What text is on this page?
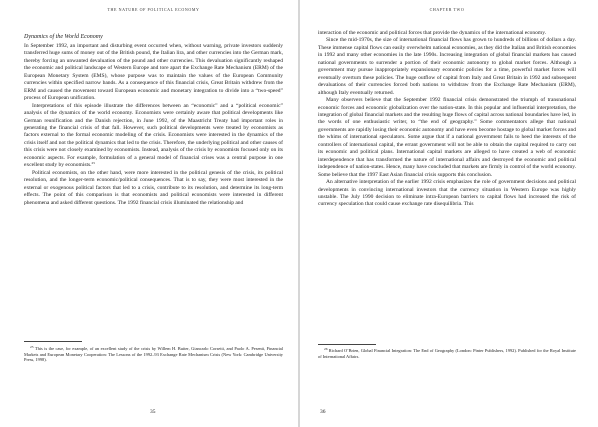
THE NATURE OF POLITICAL ECONOMY
Dynamics of the World Economy

In September 1992, an important and disturbing event occurred when, without warning, private investors suddenly transferred huge sums of money out of the British pound, the Italian lira, and other currencies into the German mark, thereby forcing an unwanted devaluation of the pound and other currencies. This devaluation significantly reshaped the economic and political landscape of Western Europe and tore apart the Exchange Rate Mechanism (ERM) of the European Monetary System (EMS), whose purpose was to maintain the values of the European Community currencies within specified narrow bands. As a consequence of this financial crisis, Great Britain withdrew from the ERM and caused the movement toward European economic and monetary integration to divide into a “two-speed” process of European unification.

Interpretations of this episode illustrate the differences between an “economic” and a “political economic” analysis of the dynamics of the world economy. Economists were certainly aware that political developments like German reunification and the Danish rejection, in June 1992, of the Maastricht Treaty had important roles in generating the financial crisis of that fall. However, such political developments were treated by economists as factors external to the formal economic modeling of the crisis. Economists were interested in the dynamics of the crisis itself and not the political dynamics that led to the crisis. Therefore, the underlying political and other causes of this crisis were not closely examined by economists. Instead, analysis of the crisis by economists focused only on its economic aspects. For example, formulation of a general model of financial crises was a central purpose in one excellent study by economists.$^{25}$

Political economists, on the other hand, were more interested in the political genesis of the crisis, its political resolution, and the longer-term economic/political consequences. That is to say, they were most interested in the external or exogenous political factors that led to a crisis, contribute to its resolution, and determine its long-term effects. The point of this comparison is that economists and political economists were interested in different phenomena and asked different questions. The 1992 financial crisis illuminated the relationship and

$^{25}$ This is the case, for example, of an excellent study of the crisis by Willem H. Buiter, Giancarlo Corsetti, and Paolo A. Pesenti, Financial Markets and European Monetary Cooperation: The Lessons of the 1992–93 Exchange Rate Mechanism Crisis (New York: Cambridge University Press, 1998).
35
CHAPTER TWO

interaction of the economic and political forces that provide the dynamics of the international economy.

Since the mid-1970s, the size of international financial flows has grown to hundreds of billions of dollars a day. These immense capital flows can easily overwhelm national economies, as they did the Italian and British economies in 1992 and many other economies in the late 1990s. Increasing integration of global financial markets has caused national governments to surrender a portion of their economic autonomy to global market forces. Although a government may pursue inappropriately expansionary economic policies for a time, powerful market forces will eventually overturn these policies. The huge outflow of capital from Italy and Great Britain in 1992 and subsequent devaluations of their currencies forced both nations to withdraw from the Exchange Rate Mechanism (ERM), although Italy eventually returned.

Many observers believe that the September 1992 financial crisis demonstrated the triumph of transnational economic forces and economic globalization over the nation-state. In this popular and influential interpretation, the integration of global financial markets and the resulting huge flows of capital across national boundaries have led, in the words of one enthusiastic writer, to “the end of geography.” Some commentators allege that national governments are rapidly losing their economic autonomy and have even become hostage to global market forces and the whims of international speculators. Some argue that if a national government fails to heed the interests of the controllers of international capital, the errant government will not be able to obtain the capital required to carry out its economic and political plans. International capital markets are alleged to have created a web of economic interdependence that has transformed the nature of international affairs and destroyed the economic and political independence of nation-states. Hence, many have concluded that markets are firmly in control of the world economy. Some believe that the 1997 East Asian financial crisis supports this conclusion.

An alternative interpretation of the earlier 1992 crisis emphasizes the role of government decisions and political developments in convincing international investors that the currency situation in Western Europe was highly unstable. The July 1990 decision to eliminate intra-European barriers to capital flows had increased the risk of currency speculation that could cause exchange rate disequilibria. This

$^{26}$ Richard O’Brien, Global Financial Integration: The End of Geography (London: Pinter Publishers, 1992). Published for the Royal Institute of International Affairs.
36
